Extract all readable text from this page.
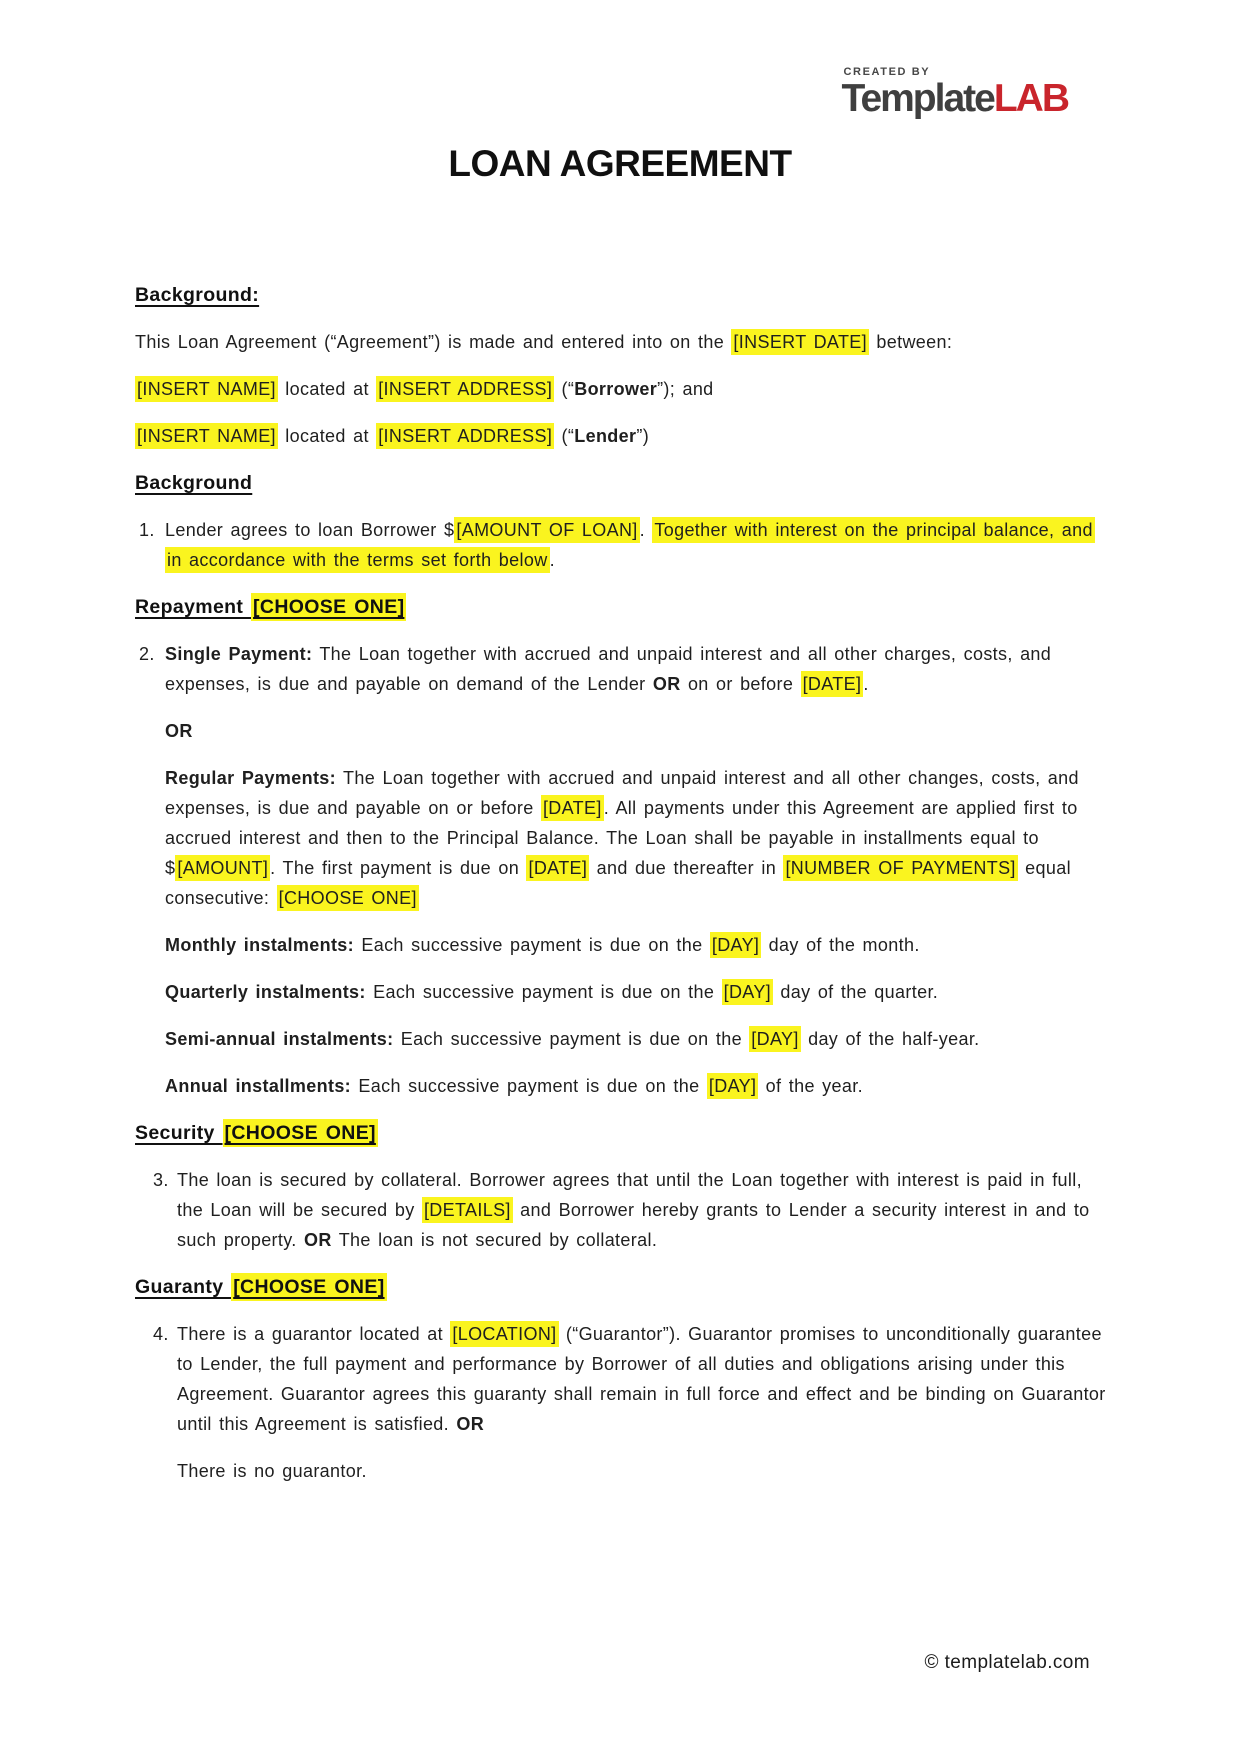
CREATED BY
TemplateLAB
LOAN AGREEMENT
Background:
This Loan Agreement (“Agreement”) is made and entered into on the [INSERT DATE] between:
[INSERT NAME] located at [INSERT ADDRESS] (“Borrower”); and
[INSERT NAME] located at [INSERT ADDRESS] (“Lender”)
Background
1. Lender agrees to loan Borrower $ [AMOUNT OF LOAN] . Together with interest on the principal balance, and in accordance with the terms set forth below .
Repayment [CHOOSE ONE]
2. Single Payment: The Loan together with accrued and unpaid interest and all other charges, costs, and expenses, is due and payable on demand of the Lender OR on or before [DATE] .
OR
Regular Payments: The Loan together with accrued and unpaid interest and all other changes, costs, and expenses, is due and payable on or before [DATE] . All payments under this Agreement are applied first to accrued interest and then to the Principal Balance. The Loan shall be payable in installments equal to $ [AMOUNT] . The first payment is due on [DATE] and due thereafter in [NUMBER OF PAYMENTS] equal consecutive: [CHOOSE ONE]
Monthly instalments: Each successive payment is due on the [DAY] day of the month.
Quarterly instalments: Each successive payment is due on the [DAY] day of the quarter.
Semi-annual instalments: Each successive payment is due on the [DAY] day of the half-year.
Annual installments: Each successive payment is due on the [DAY] of the year.
Security [CHOOSE ONE]
3. The loan is secured by collateral. Borrower agrees that until the Loan together with interest is paid in full, the Loan will be secured by [DETAILS] and Borrower hereby grants to Lender a security interest in and to such property. OR The loan is not secured by collateral.
Guaranty [CHOOSE ONE]
4. There is a guarantor located at [LOCATION] (“Guarantor”). Guarantor promises to unconditionally guarantee to Lender, the full payment and performance by Borrower of all duties and obligations arising under this Agreement. Guarantor agrees this guaranty shall remain in full force and effect and be binding on Guarantor until this Agreement is satisfied. OR
There is no guarantor.
© templatelab.com
